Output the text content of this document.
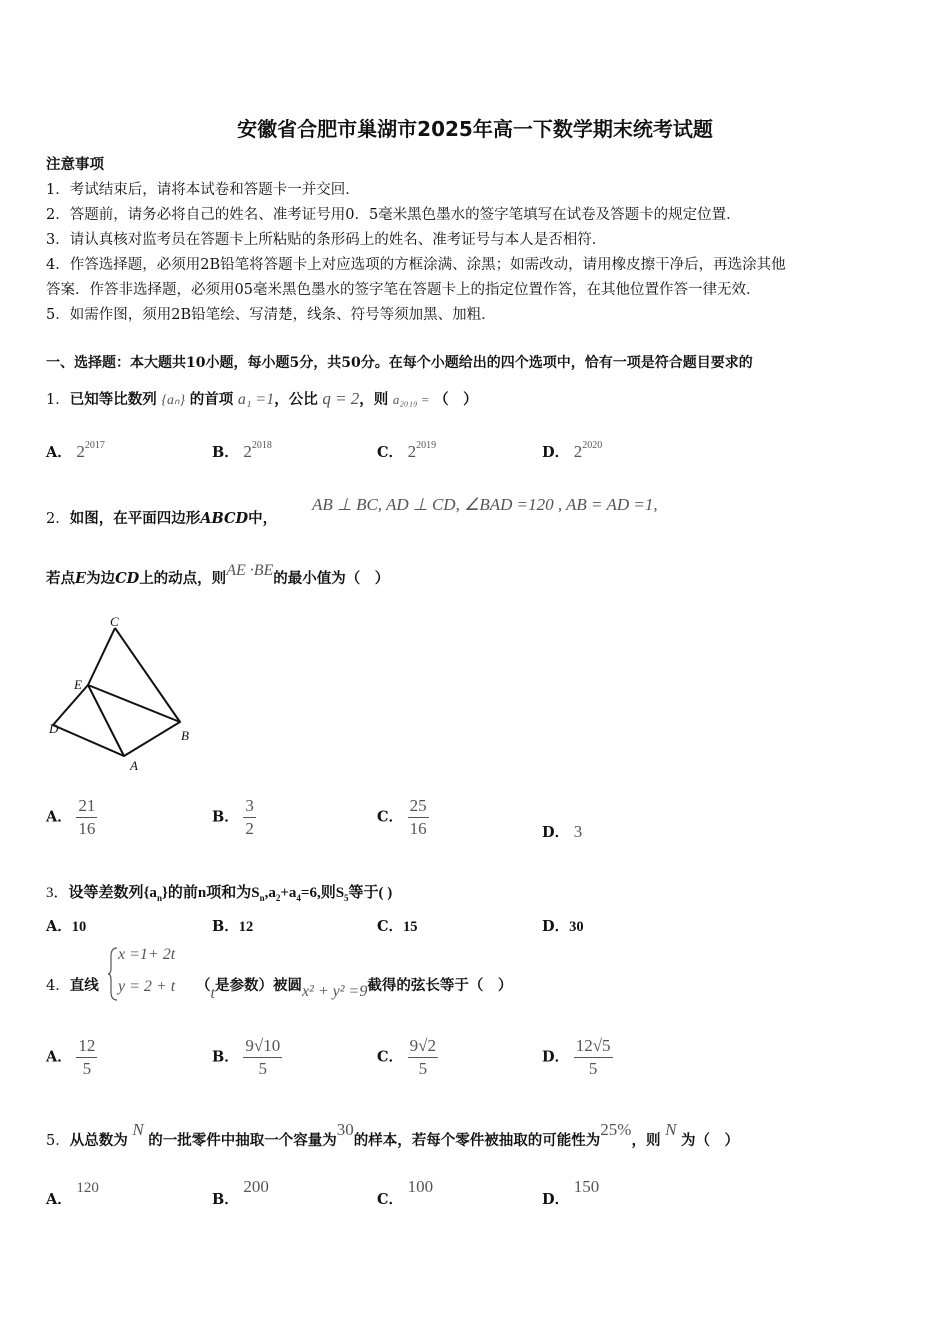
安徽省合肥市巢湖市2025年高一下数学期末统考试题
注意事项
1．考试结束后，请将本试卷和答题卡一并交回．
2．答题前，请务必将自己的姓名、准考证号用0．5毫米黑色墨水的签字笔填写在试卷及答题卡的规定位置．
3．请认真核对监考员在答题卡上所粘贴的条形码上的姓名、准考证号与本人是否相符．
4．作答选择题，必须用2B铅笔将答题卡上对应选项的方框涂满、涂黑；如需改动，请用橡皮擦干净后，再选涂其他
答案．作答非选择题，必须用05毫米黑色墨水的签字笔在答题卡上的指定位置作答，在其他位置作答一律无效．
5．如需作图，须用2B铅笔绘、写清楚，线条、符号等须加黑、加粗．
一、选择题：本大题共10小题，每小题5分，共50分。在每个小题给出的四个选项中，恰有一项是符合题目要求的
1．已知等比数列 {aₙ} 的首项 a₁ =1，公比 q = 2，则 a₂₀₁₉ = （　）
A． $2^{2017}$	B． $2^{2018}$	C． $2^{2019}$	D． $2^{2020}$
2．如图，在平面四边形ABCD中，
AB ⊥ BC, AD ⊥ CD, ∠BAD =120 , AB = AD =1,
若点E为边CD上的动点，则AE ·BE的最小值为（　）
C
E
D	B
A
A． $\frac{21}{16}$	B． $\frac{3}{2}$	C． $\frac{25}{16}$	D． 3
3．设等差数列$\{a_n\}$的前n项和为$S_n,a_2+a_4=6$,则$S_5$等于( )
A．10	B．12	C．15	D．30
4．直线
x =1+ 2t
y = 2 + t （t是参数）被圆x² + y² =9截得的弦长等于（　）
A． $\frac{12}{5}$	B． $\frac{9√10}{5}$	C． $\frac{9√2}{5}$	D． $\frac{12√5}{5}$
5．从总数为 N 的一批零件中抽取一个容量为30的样本，若每个零件被抽取的可能性为25%，则 N 为（　）
A． 120
B． 200
C． 100
D． 150
